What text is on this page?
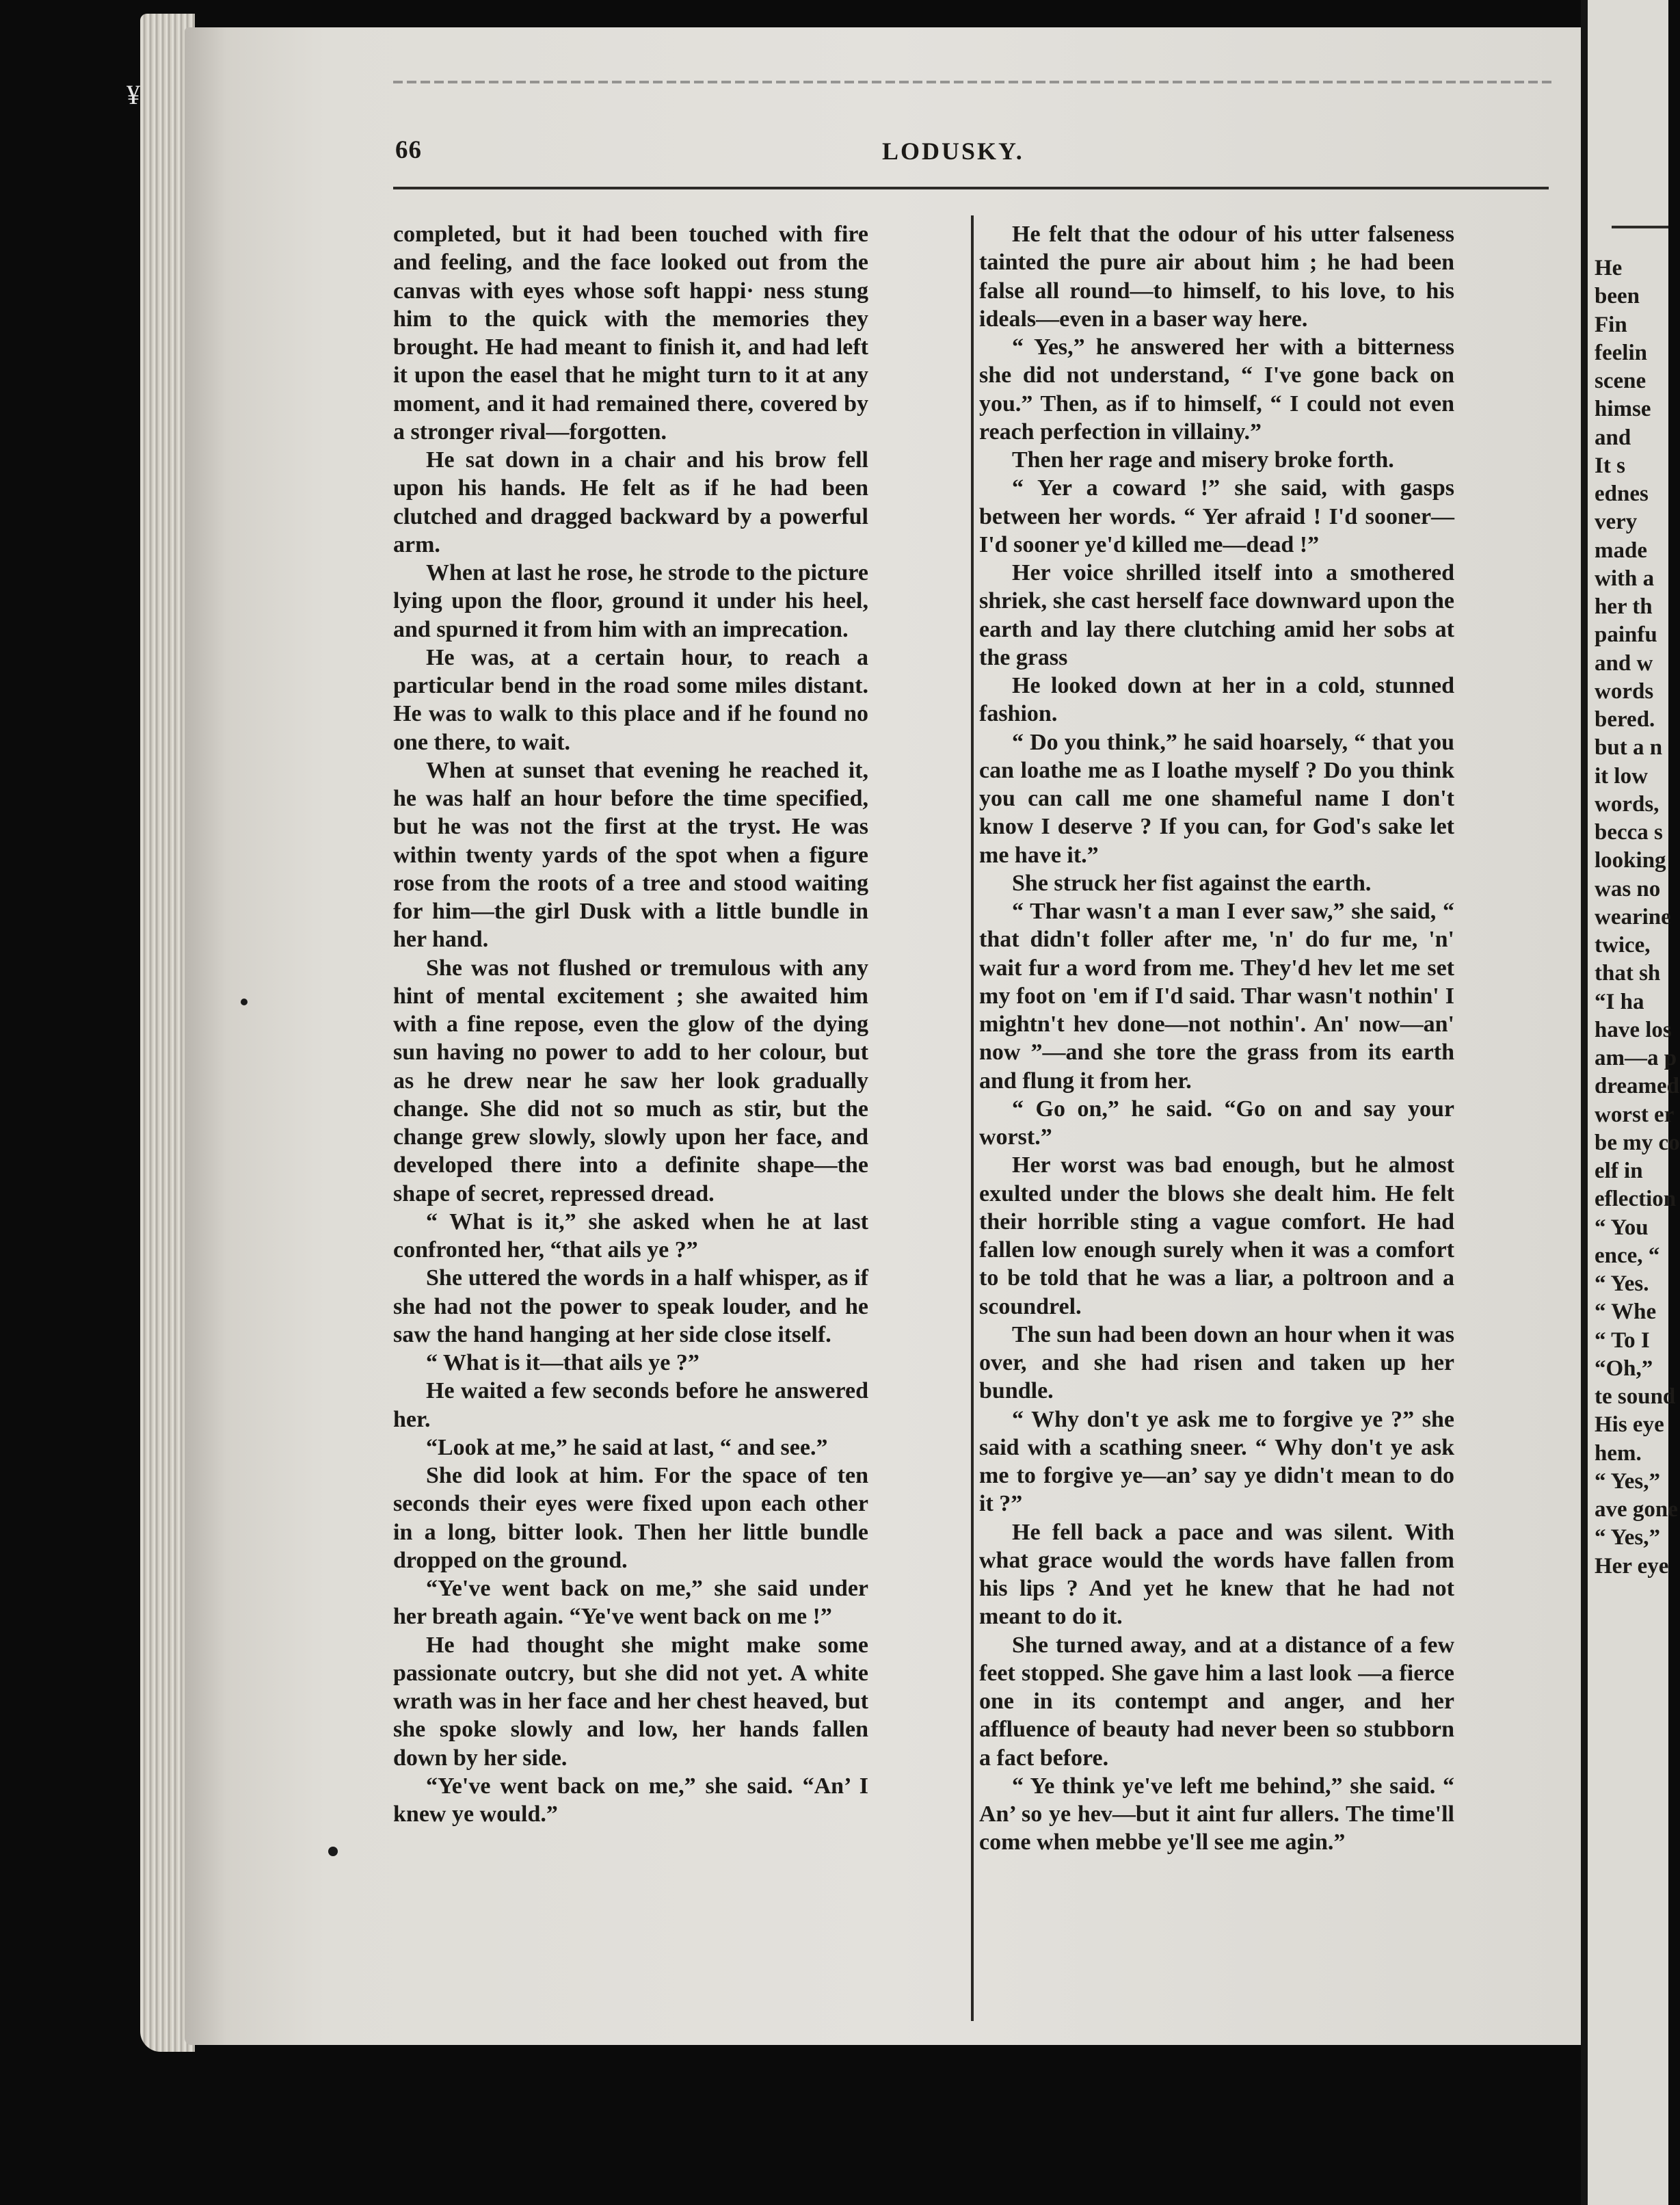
66	LODUSKY.

completed, but it had been touched with fire and feeling, and the face looked out from the canvas with eyes whose soft happi· ness stung him to the quick with the memories they brought. He had meant to finish it, and had left it upon the easel that he might turn to it at any moment, and it had remained there, covered by a stronger rival—forgotten.

He sat down in a chair and his brow fell upon his hands. He felt as if he had been clutched and dragged backward by a powerful arm.

When at last he rose, he strode to the picture lying upon the floor, ground it under his heel, and spurned it from him with an imprecation.

He was, at a certain hour, to reach a particular bend in the road some miles distant. He was to walk to this place and if he found no one there, to wait.

When at sunset that evening he reached it, he was half an hour before the time specified, but he was not the first at the tryst. He was within twenty yards of the spot when a figure rose from the roots of a tree and stood waiting for him—the girl Dusk with a little bundle in her hand.

She was not flushed or tremulous with any hint of mental excitement ; she awaited him with a fine repose, even the glow of the dying sun having no power to add to her colour, but as he drew near he saw her look gradually change. She did not so much as stir, but the change grew slowly, slowly upon her face, and developed there into a definite shape—the shape of secret, repressed dread.

“ What is it,” she asked when he at last confronted her, “that ails ye ?”

She uttered the words in a half whisper, as if she had not the power to speak louder, and he saw the hand hanging at her side close itself.

“ What is it—that ails ye ?”

He waited a few seconds before he answered her.

“Look at me,” he said at last, “ and see.”

She did look at him. For the space of ten seconds their eyes were fixed upon each other in a long, bitter look. Then her little bundle dropped on the ground.

“Ye've went back on me,” she said under her breath again. “Ye've went back on me !”

He had thought she might make some passionate outcry, but she did not yet. A white wrath was in her face and her chest heaved, but she spoke slowly and low, her hands fallen down by her side.

“Ye've went back on me,” she said. “An’ I knew ye would.”

He felt that the odour of his utter falseness tainted the pure air about him ; he had been false all round—to himself, to his love, to his ideals—even in a baser way here.

“ Yes,” he answered her with a bitterness she did not understand, “ I've gone back on you.” Then, as if to himself, “ I could not even reach perfection in villainy.”

Then her rage and misery broke forth.

“ Yer a coward !” she said, with gasps between her words. “ Yer afraid ! I'd sooner— I'd sooner ye'd killed me—dead !”

Her voice shrilled itself into a smothered shriek, she cast herself face downward upon the earth and lay there clutching amid her sobs at the grass

He looked down at her in a cold, stunned fashion.

“ Do you think,” he said hoarsely, “ that you can loathe me as I loathe myself ? Do you think you can call me one shameful name I don't know I deserve ? If you can, for God's sake let me have it.”

She struck her fist against the earth.

“ Thar wasn't a man I ever saw,” she said, “ that didn't foller after me, 'n' do fur me, 'n' wait fur a word from me. They'd hev let me set my foot on 'em if I'd said. Thar wasn't nothin' I mightn't hev done—not nothin'. An' now—an' now ”—and she tore the grass from its earth and flung it from her.

“ Go on,” he said. “Go on and say your worst.”

Her worst was bad enough, but he almost exulted under the blows she dealt him. He felt their horrible sting a vague comfort. He had fallen low enough surely when it was a comfort to be told that he was a liar, a poltroon and a scoundrel.

The sun had been down an hour when it was over, and she had risen and taken up her bundle.

“ Why don't ye ask me to forgive ye ?” she said with a scathing sneer. “ Why don't ye ask me to forgive ye—an’ say ye didn't mean to do it ?”

He fell back a pace and was silent. With what grace would the words have fallen from his lips ? And yet he knew that he had not meant to do it.

She turned away, and at a distance of a few feet stopped. She gave him a last look —a fierce one in its contempt and anger, and her affluence of beauty had never been so stubborn a fact before.

“ Ye think ye've left me behind,” she said. “ An’ so ye hev—but it aint fur allers. The time'll come when mebbe ye'll see me agin.”

He
been
Fin
feelin
scene
himse
and
It s
ednes
very
made
with a
her th
painfu
and w
words
bered.
but a n
it low
words,
becca s
looking
was no
wearine
twice,
that sh
“I ha
have los
am—a p
dreamed
worst er
be my co
elf in
eflection
“ You
ence, “
“ Yes.
“ Whe
“ To I
“Oh,”
te sound
His eye
hem.
“ Yes,”
ave gone
“ Yes,”
Her eye
¥
